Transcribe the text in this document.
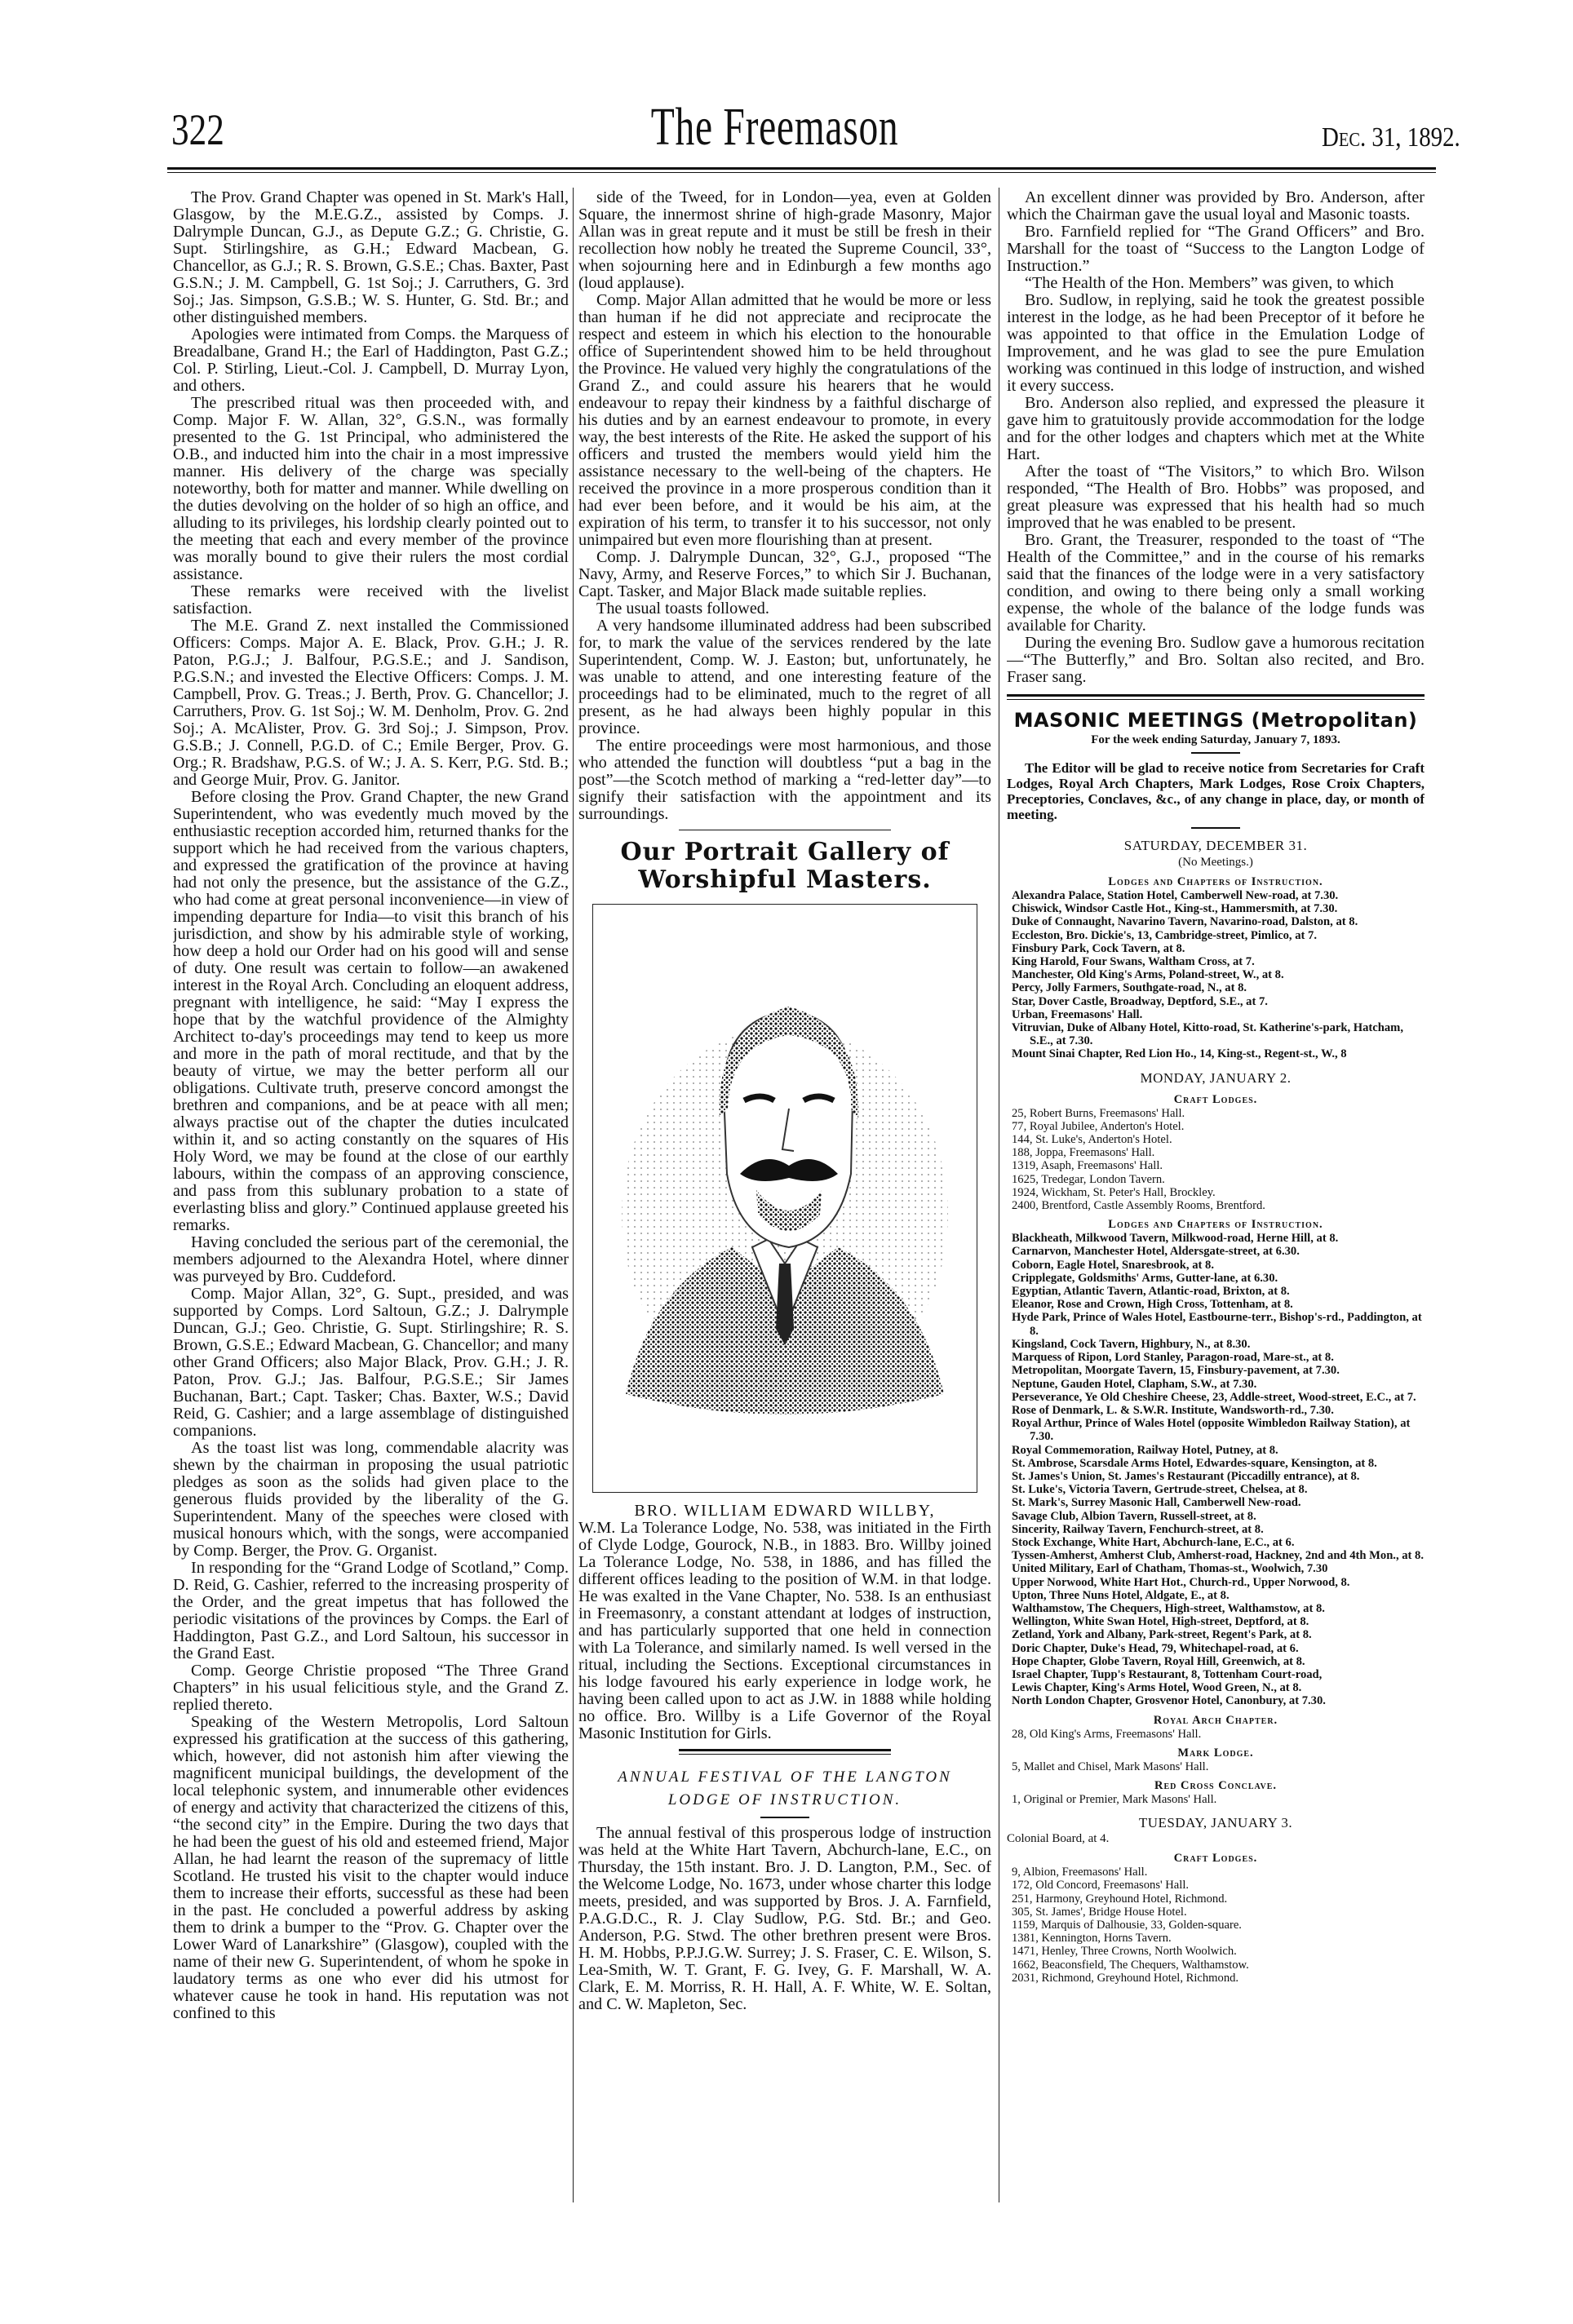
322	The Freemason	Dec. 31, 1892.

The Prov. Grand Chapter was opened in St. Mark's Hall, Glasgow, by the M.E.G.Z., assisted by Comps. J. Dalrymple Duncan, G.J., as Depute G.Z.; G. Christie, G. Supt. Stirlingshire, as G.H.; Edward Macbean, G. Chancellor, as G.J.; R. S. Brown, G.S.E.; Chas. Baxter, Past G.S.N.; J. M. Campbell, G. 1st Soj.; J. Carruthers, G. 3rd Soj.; Jas. Simpson, G.S.B.; W. S. Hunter, G. Std. Br.; and other distinguished members.

Apologies were intimated from Comps. the Marquess of Breadalbane, Grand H.; the Earl of Haddington, Past G.Z.; Col. P. Stirling, Lieut.-Col. J. Campbell, D. Murray Lyon, and others.

The prescribed ritual was then proceeded with, and Comp. Major F. W. Allan, 32°, G.S.N., was formally presented to the G. 1st Principal, who administered the O.B., and inducted him into the chair in a most impressive manner. His delivery of the charge was specially noteworthy, both for matter and manner. While dwelling on the duties devolving on the holder of so high an office, and alluding to its privileges, his lordship clearly pointed out to the meeting that each and every member of the province was morally bound to give their rulers the most cordial assistance.

These remarks were received with the livelist satisfaction.

The M.E. Grand Z. next installed the Commissioned Officers: Comps. Major A. E. Black, Prov. G.H.; J. R. Paton, P.G.J.; J. Balfour, P.G.S.E.; and J. Sandison, P.G.S.N.; and invested the Elective Officers: Comps. J. M. Campbell, Prov. G. Treas.; J. Berth, Prov. G. Chancellor; J. Carruthers, Prov. G. 1st Soj.; W. M. Denholm, Prov. G. 2nd Soj.; A. McAlister, Prov. G. 3rd Soj.; J. Simpson, Prov. G.S.B.; J. Connell, P.G.D. of C.; Emile Berger, Prov. G. Org.; R. Bradshaw, P.G.S. of W.; J. A. S. Kerr, P.G. Std. B.; and George Muir, Prov. G. Janitor.

Before closing the Prov. Grand Chapter, the new Grand Superintendent, who was evedently much moved by the enthusiastic reception accorded him, returned thanks for the support which he had received from the various chapters, and expressed the gratification of the province at having had not only the presence, but the assistance of the G.Z., who had come at great personal inconvenience—in view of impending departure for India—to visit this branch of his jurisdiction, and show by his admirable style of working, how deep a hold our Order had on his good will and sense of duty. One result was certain to follow—an awakened interest in the Royal Arch. Concluding an eloquent address, pregnant with intelligence, he said: “May I express the hope that by the watchful providence of the Almighty Architect to-day's proceedings may tend to keep us more and more in the path of moral rectitude, and that by the beauty of virtue, we may the better perform all our obligations. Cultivate truth, preserve concord amongst the brethren and companions, and be at peace with all men; always practise out of the chapter the duties inculcated within it, and so acting constantly on the squares of His Holy Word, we may be found at the close of our earthly labours, within the compass of an approving conscience, and pass from this sublunary probation to a state of everlasting bliss and glory.” Continued applause greeted his remarks.

Having concluded the serious part of the ceremonial, the members adjourned to the Alexandra Hotel, where dinner was purveyed by Bro. Cuddeford.

Comp. Major Allan, 32°, G. Supt., presided, and was supported by Comps. Lord Saltoun, G.Z.; J. Dalrymple Duncan, G.J.; Geo. Christie, G. Supt. Stirlingshire; R. S. Brown, G.S.E.; Edward Macbean, G. Chancellor; and many other Grand Officers; also Major Black, Prov. G.H.; J. R. Paton, Prov. G.J.; Jas. Balfour, P.G.S.E.; Sir James Buchanan, Bart.; Capt. Tasker; Chas. Baxter, W.S.; David Reid, G. Cashier; and a large assemblage of distinguished companions.

As the toast list was long, commendable alacrity was shewn by the chairman in proposing the usual patriotic pledges as soon as the solids had given place to the generous fluids provided by the liberality of the G. Superintendent. Many of the speeches were closed with musical honours which, with the songs, were accompanied by Comp. Berger, the Prov. G. Organist.

In responding for the “Grand Lodge of Scotland,” Comp. D. Reid, G. Cashier, referred to the increasing prosperity of the Order, and the great impetus that has followed the periodic visitations of the provinces by Comps. the Earl of Haddington, Past G.Z., and Lord Saltoun, his successor in the Grand East.

Comp. George Christie proposed “The Three Grand Chapters” in his usual felicitious style, and the Grand Z. replied thereto.

Speaking of the Western Metropolis, Lord Saltoun expressed his gratification at the success of this gathering, which, however, did not astonish him after viewing the magnificent municipal buildings, the development of the local telephonic system, and innumerable other evidences of energy and activity that characterized the citizens of this, “the second city” in the Empire. During the two days that he had been the guest of his old and esteemed friend, Major Allan, he had learnt the reason of the supremacy of little Scotland. He trusted his visit to the chapter would induce them to increase their efforts, successful as these had been in the past. He concluded a powerful address by asking them to drink a bumper to the “Prov. G. Chapter over the Lower Ward of Lanarkshire” (Glasgow), coupled with the name of their new G. Superintendent, of whom he spoke in laudatory terms as one who ever did his utmost for whatever cause he took in hand. His reputation was not confined to this

side of the Tweed, for in London—yea, even at Golden Square, the innermost shrine of high-grade Masonry, Major Allan was in great repute and it must be still be fresh in their recollection how nobly he treated the Supreme Council, 33°, when sojourning here and in Edinburgh a few months ago (loud applause).

Comp. Major Allan admitted that he would be more or less than human if he did not appreciate and reciprocate the respect and esteem in which his election to the honourable office of Superintendent showed him to be held throughout the Province. He valued very highly the congratulations of the Grand Z., and could assure his hearers that he would endeavour to repay their kindness by a faithful discharge of his duties and by an earnest endeavour to promote, in every way, the best interests of the Rite. He asked the support of his officers and trusted the members would yield him the assistance necessary to the well-being of the chapters. He received the province in a more prosperous condition than it had ever been before, and it would be his aim, at the expiration of his term, to transfer it to his successor, not only unimpaired but even more flourishing than at present.

Comp. J. Dalrymple Duncan, 32°, G.J., proposed “The Navy, Army, and Reserve Forces,” to which Sir J. Buchanan, Capt. Tasker, and Major Black made suitable replies.

The usual toasts followed.

A very handsome illuminated address had been subscribed for, to mark the value of the services rendered by the late Superintendent, Comp. W. J. Easton; but, unfortunately, he was unable to attend, and one interesting feature of the proceedings had to be eliminated, much to the regret of all present, as he had always been highly popular in this province.

The entire proceedings were most harmonious, and those who attended the function will doubtless “put a bag in the post”—the Scotch method of marking a “red-letter day”—to signify their satisfaction with the appointment and its surroundings.

Our Portrait Gallery of Worshipful Masters.
BRO. WILLIAM EDWARD WILLBY,

W.M. La Tolerance Lodge, No. 538, was initiated in the Firth of Clyde Lodge, Gourock, N.B., in 1883. Bro. Willby joined La Tolerance Lodge, No. 538, in 1886, and has filled the different offices leading to the position of W.M. in that lodge. He was exalted in the Vane Chapter, No. 538. Is an enthusiast in Freemasonry, a constant attendant at lodges of instruction, and has particularly supported that one held in connection with La Tolerance, and similarly named. Is well versed in the ritual, including the Sections. Exceptional circumstances in his lodge favoured his early experience in lodge work, he having been called upon to act as J.W. in 1888 while holding no office. Bro. Willby is a Life Governor of the Royal Masonic Institution for Girls.

ANNUAL FESTIVAL OF THE LANGTON LODGE OF INSTRUCTION.

The annual festival of this prosperous lodge of instruction was held at the White Hart Tavern, Abchurch-lane, E.C., on Thursday, the 15th instant. Bro. J. D. Langton, P.M., Sec. of the Welcome Lodge, No. 1673, under whose charter this lodge meets, presided, and was supported by Bros. J. A. Farnfield, P.A.G.D.C., R. J. Clay Sudlow, P.G. Std. Br.; and Geo. Anderson, P.G. Stwd. The other brethren present were Bros. H. M. Hobbs, P.P.J.G.W. Surrey; J. S. Fraser, C. E. Wilson, S. Lea-Smith, W. T. Grant, F. G. Ivey, G. F. Marshall, W. A. Clark, E. M. Morriss, R. H. Hall, A. F. White, W. E. Soltan, and C. W. Mapleton, Sec.

An excellent dinner was provided by Bro. Anderson, after which the Chairman gave the usual loyal and Masonic toasts.

Bro. Farnfield replied for “The Grand Officers” and Bro. Marshall for the toast of “Success to the Langton Lodge of Instruction.”

“The Health of the Hon. Members” was given, to which

Bro. Sudlow, in replying, said he took the greatest possible interest in the lodge, as he had been Preceptor of it before he was appointed to that office in the Emulation Lodge of Improvement, and he was glad to see the pure Emulation working was continued in this lodge of instruction, and wished it every success.

Bro. Anderson also replied, and expressed the pleasure it gave him to gratuitously provide accommodation for the lodge and for the other lodges and chapters which met at the White Hart.

After the toast of “The Visitors,” to which Bro. Wilson responded, “The Health of Bro. Hobbs” was proposed, and great pleasure was expressed that his health had so much improved that he was enabled to be present.

Bro. Grant, the Treasurer, responded to the toast of “The Health of the Committee,” and in the course of his remarks said that the finances of the lodge were in a very satisfactory condition, and owing to there being only a small working expense, the whole of the balance of the lodge funds was available for Charity.

During the evening Bro. Sudlow gave a humorous recitation—“The Butterfly,” and Bro. Soltan also recited, and Bro. Fraser sang.

MASONIC MEETINGS (Metropolitan)
For the week ending Saturday, January 7, 1893.

The Editor will be glad to receive notice from Secretaries for Craft Lodges, Royal Arch Chapters, Mark Lodges, Rose Croix Chapters, Preceptories, Conclaves, &c., of any change in place, day, or month of meeting.

SATURDAY, DECEMBER 31.
(No Meetings.)
Lodges and Chapters of Instruction.
Alexandra Palace, Station Hotel, Camberwell New-road, at 7.30.
Chiswick, Windsor Castle Hot., King-st., Hammersmith, at 7.30.
Duke of Connaught, Navarino Tavern, Navarino-road, Dalston, at 8.
Eccleston, Bro. Dickie's, 13, Cambridge-street, Pimlico, at 7.
Finsbury Park, Cock Tavern, at 8.
King Harold, Four Swans, Waltham Cross, at 7.
Manchester, Old King's Arms, Poland-street, W., at 8.
Percy, Jolly Farmers, Southgate-road, N., at 8.
Star, Dover Castle, Broadway, Deptford, S.E., at 7.
Urban, Freemasons' Hall.
Vitruvian, Duke of Albany Hotel, Kitto-road, St. Katherine's-park, Hatcham, S.E., at 7.30.
Mount Sinai Chapter, Red Lion Ho., 14, King-st., Regent-st., W., 8
MONDAY, JANUARY 2.
Craft Lodges.
25, Robert Burns, Freemasons' Hall.
77, Royal Jubilee, Anderton's Hotel.
144, St. Luke's, Anderton's Hotel.
188, Joppa, Freemasons' Hall.
1319, Asaph, Freemasons' Hall.
1625, Tredegar, London Tavern.
1924, Wickham, St. Peter's Hall, Brockley.
2400, Brentford, Castle Assembly Rooms, Brentford.
Lodges and Chapters of Instruction.
Blackheath, Milkwood Tavern, Milkwood-road, Herne Hill, at 8.
Carnarvon, Manchester Hotel, Aldersgate-street, at 6.30.
Coborn, Eagle Hotel, Snaresbrook, at 8.
Cripplegate, Goldsmiths' Arms, Gutter-lane, at 6.30.
Egyptian, Atlantic Tavern, Atlantic-road, Brixton, at 8.
Eleanor, Rose and Crown, High Cross, Tottenham, at 8.
Hyde Park, Prince of Wales Hotel, Eastbourne-terr., Bishop's-rd., Paddington, at 8.
Kingsland, Cock Tavern, Highbury, N., at 8.30.
Marquess of Ripon, Lord Stanley, Paragon-road, Mare-st., at 8.
Metropolitan, Moorgate Tavern, 15, Finsbury-pavement, at 7.30.
Neptune, Gauden Hotel, Clapham, S.W., at 7.30.
Perseverance, Ye Old Cheshire Cheese, 23, Addle-street, Wood-street, E.C., at 7.
Rose of Denmark, L. & S.W.R. Institute, Wandsworth-rd., 7.30.
Royal Arthur, Prince of Wales Hotel (opposite Wimbledon Railway Station), at 7.30.
Royal Commemoration, Railway Hotel, Putney, at 8.
St. Ambrose, Scarsdale Arms Hotel, Edwardes-square, Kensington, at 8.
St. James's Union, St. James's Restaurant (Piccadilly entrance), at 8.
St. Luke's, Victoria Tavern, Gertrude-street, Chelsea, at 8.
St. Mark's, Surrey Masonic Hall, Camberwell New-road.
Savage Club, Albion Tavern, Russell-street, at 8.
Sincerity, Railway Tavern, Fenchurch-street, at 8.
Stock Exchange, White Hart, Abchurch-lane, E.C., at 6.
Tyssen-Amherst, Amherst Club, Amherst-road, Hackney, 2nd and 4th Mon., at 8.
United Military, Earl of Chatham, Thomas-st., Woolwich, 7.30
Upper Norwood, White Hart Hot., Church-rd., Upper Norwood, 8.
Upton, Three Nuns Hotel, Aldgate, E., at 8.
Walthamstow, The Chequers, High-street, Walthamstow, at 8.
Wellington, White Swan Hotel, High-street, Deptford, at 8.
Zetland, York and Albany, Park-street, Regent's Park, at 8.
Doric Chapter, Duke's Head, 79, Whitechapel-road, at 6.
Hope Chapter, Globe Tavern, Royal Hill, Greenwich, at 8.
Israel Chapter, Tupp's Restaurant, 8, Tottenham Court-road,
Lewis Chapter, King's Arms Hotel, Wood Green, N., at 8.
North London Chapter, Grosvenor Hotel, Canonbury, at 7.30.
Royal Arch Chapter.
28, Old King's Arms, Freemasons' Hall.
Mark Lodge.
5, Mallet and Chisel, Mark Masons' Hall.
Red Cross Conclave.
1, Original or Premier, Mark Masons' Hall.
TUESDAY, JANUARY 3.
Colonial Board, at 4.
Craft Lodges.
9, Albion, Freemasons' Hall.
172, Old Concord, Freemasons' Hall.
251, Harmony, Greyhound Hotel, Richmond.
305, St. James', Bridge House Hotel.
1159, Marquis of Dalhousie, 33, Golden-square.
1381, Kennington, Horns Tavern.
1471, Henley, Three Crowns, North Woolwich.
1662, Beaconsfield, The Chequers, Walthamstow.
2031, Richmond, Greyhound Hotel, Richmond.
